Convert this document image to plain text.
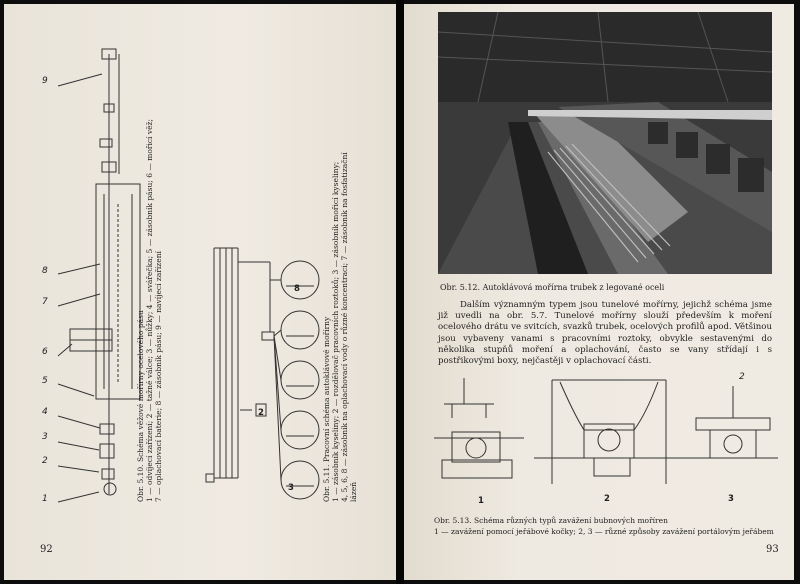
1
2
3
4
5
6
7
8
9
Obr. 5.10. Schéma věžové mořírny ocelového pásu 1 — odvíjecí zařízení; 2 — tažné válce; 3 — nůžky; 4 — svářečka; 5 — zásobník pásu; 6 — mořicí věž; 7 — oplachovací baterie; 8 — zásobník pásu; 9 — navíjecí zařízení	2
3
8
Obr. 5.11. Pracovní schéma autoklávové mořírny 1 — zásobník kyseliny; 2 — rozdělovač pracovních roztoků; 3 — zásobník mořicí kyseliny; 4, 5, 6, 8 — zásobník na oplachovací vody o různé koncentraci; 7 — zásobník na fosfatizační lázeň
92
Obr. 5.12. Autoklávová mořírna trubek z legované oceli

Dalším významným typem jsou tunelové mořírny, jejichž schéma jsme již uvedli na obr. 5.7. Tunelové mořírny slouží především k moření ocelového drátu ve svitcích, svazků trubek, ocelových profilů apod. Většinou jsou vybaveny vanami s pracovními roztoky, obvykle sestavenými do několika stupňů moření a oplachování, často se vany střídají i s postřikovými boxy, nejčastěji v oplachovací části.

2
1	2	3
Obr. 5.13. Schéma různých typů zavážení bubnových moříren
1 — zavážení pomocí jeřábové kočky; 2, 3 — různé způsoby zavážení portálovým jeřábem
93
